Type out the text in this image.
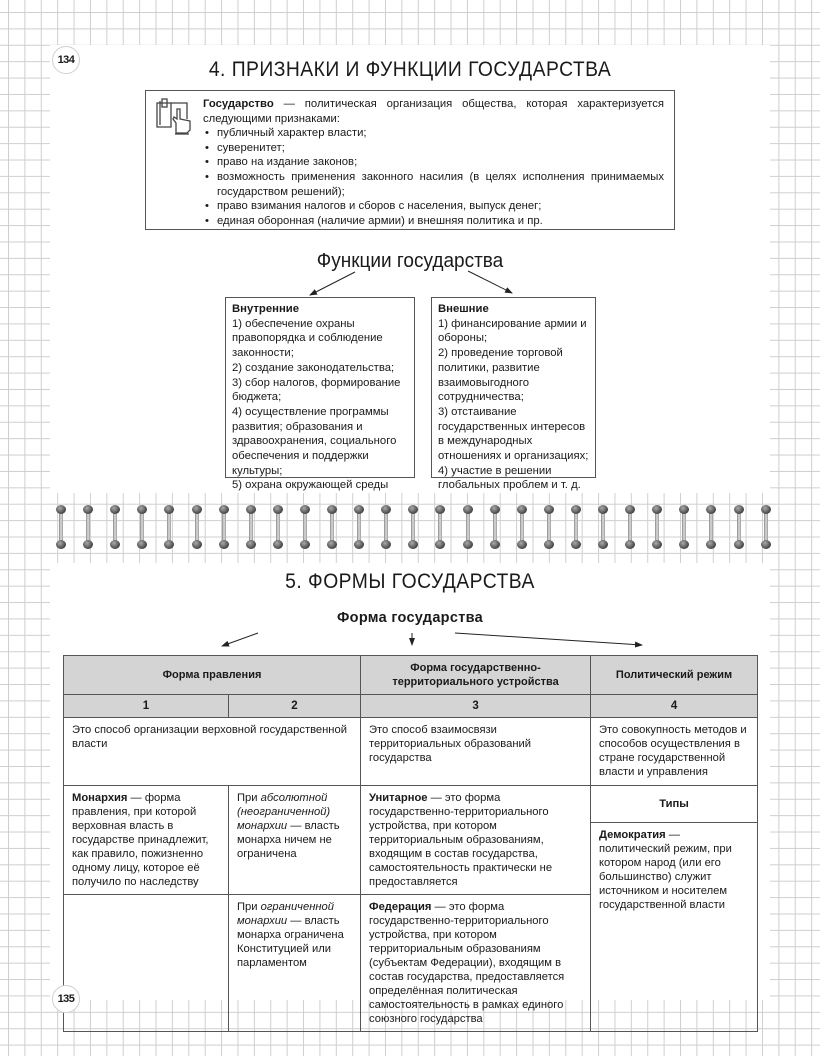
134	4. ПРИЗНАКИ И ФУНКЦИИ ГОСУДАРСТВА
Государство — политическая организация общества, которая характеризуется следующими признаками:
• публичный характер власти;
• суверенитет;
• право на издание законов;
• возможность применения законного насилия (в целях исполнения принимаемых государством решений);
• право взимания налогов и сборов с населения, выпуск денег;
• единая оборонная (наличие армии) и внешняя политика и пр.
Функции государства
Внутренние
1) обеспечение охраны правопорядка и соблюдение законности;
2) создание законодательства;
3) сбор налогов, формирование бюджета;
4) осуществление программы развития; образования и здравоохранения, социального обеспечения и поддержки культуры;
5) охрана окружающей среды
Внешние
1) финансирование армии и обороны;
2) проведение торговой политики, развитие взаимовыгодного сотрудничества;
3) отстаивание государственных интересов в международных отношениях и организациях;
4) участие в решении глобальных проблем и т. д.
5. ФОРМЫ ГОСУДАРСТВА
Форма государства
Форма правления		Форма государственно-территориального устройства	Политический режим
1	2	3	4
Это способ организации верховной государственной власти		Это способ взаимосвязи территориальных образований государства	Это совокупность методов и способов осуществления в стране государственной власти и управления
Монархия — форма правления, при которой верховная власть в государстве принадлежит, как правило, пожизненно одному лицу, которое её получило по наследству	При абсолютной (неограниченной) монархии — власть монарха ничем не ограничена	Унитарное — это форма государственно-территориального устройства, при котором территориальным образованиям, входящим в состав государства, самостоятельность практически не предоставляется	Типы
			Демократия — политический режим, при котором народ (или его большинство) служит источником и носителем государственной власти
	При ограниченной монархии — власть монарха ограничена Конституцией или парламентом	Федерация — это форма государственно-территориального устройства, при котором территориальным образованиям (субъектам Федерации), входящим в состав государства, предоставляется определённая политическая самостоятельность в рамках единого союзного государства	
135
